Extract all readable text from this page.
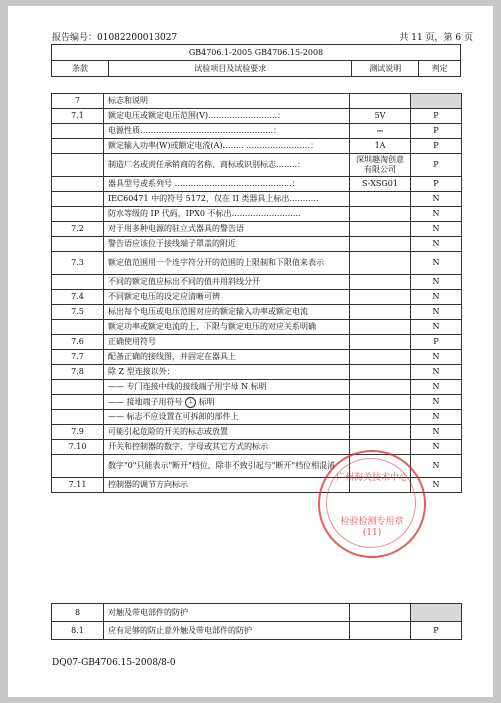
报告编号：01082200013027	共 11 页，第 6 页
GB4706.1-2005 GB4706.15-2008
条款	试验项目及试验要求	测试说明	判定
7	标志和说明		
7.1	额定电压或额定电压范围(V)……………………..：	5V	P
	电源性质…………………………………………..：	⎓	P
	额定输入功率(W)或额定电流(A)…….. ……………………：	1A	P
	制造厂名或责任承销商的名称、商标或识别标志……..：	深圳趣淘创意有限公司	P
	器具型号或系列号 ……………………………………..：	S-XSG01	P
	IEC60471 中的符号 5172，仅在 II 类器具上标出………..		N
	防水等级的 IP 代码，IPX0 不标出……………………..		N
7.2	对于用多种电源的驻立式器具的警告语		N
	警告语应该位于接线端子罩盖的附近		N
7.3	额定值范围用一个连字符分开的范围的上限制和下限值来表示		N
	不同的额定值应标出不同的值并用斜线分开		N
7.4	不同额定电压的设定应清晰可辨		N
7.5	标出每个电压或电压范围对应的额定输入功率或额定电流		N
	额定功率或额定电流的上、下限与额定电压的对应关系明确		N
7.6	正确使用符号		P
7.7	配备正确的接线图，并固定在器具上		N
7.8	除 Z 型连接以外：		N
	—— 专门连接中线的接线端子用字母 N 标明		N
	—— 接地端子用符号 ⏚ 标明		N
	—— 标志不应设置在可拆卸的部件上		N
7.9	可能引起危险的开关的标志或放置		N
7.10	开关和控制器的数字、字母或其它方式的标示		N
	数字"0"只能表示"断开"档位，除非不致引起与"断开"档位相混淆		N
7.11	控制器的调节方向标示		N
8	对触及带电部件的防护		
8.1	应有足够的防止意外触及带电部件的防护		P
广州海关技术中心
检验检测专用章
(11)
DQ07-GB4706.15-2008/8-0
